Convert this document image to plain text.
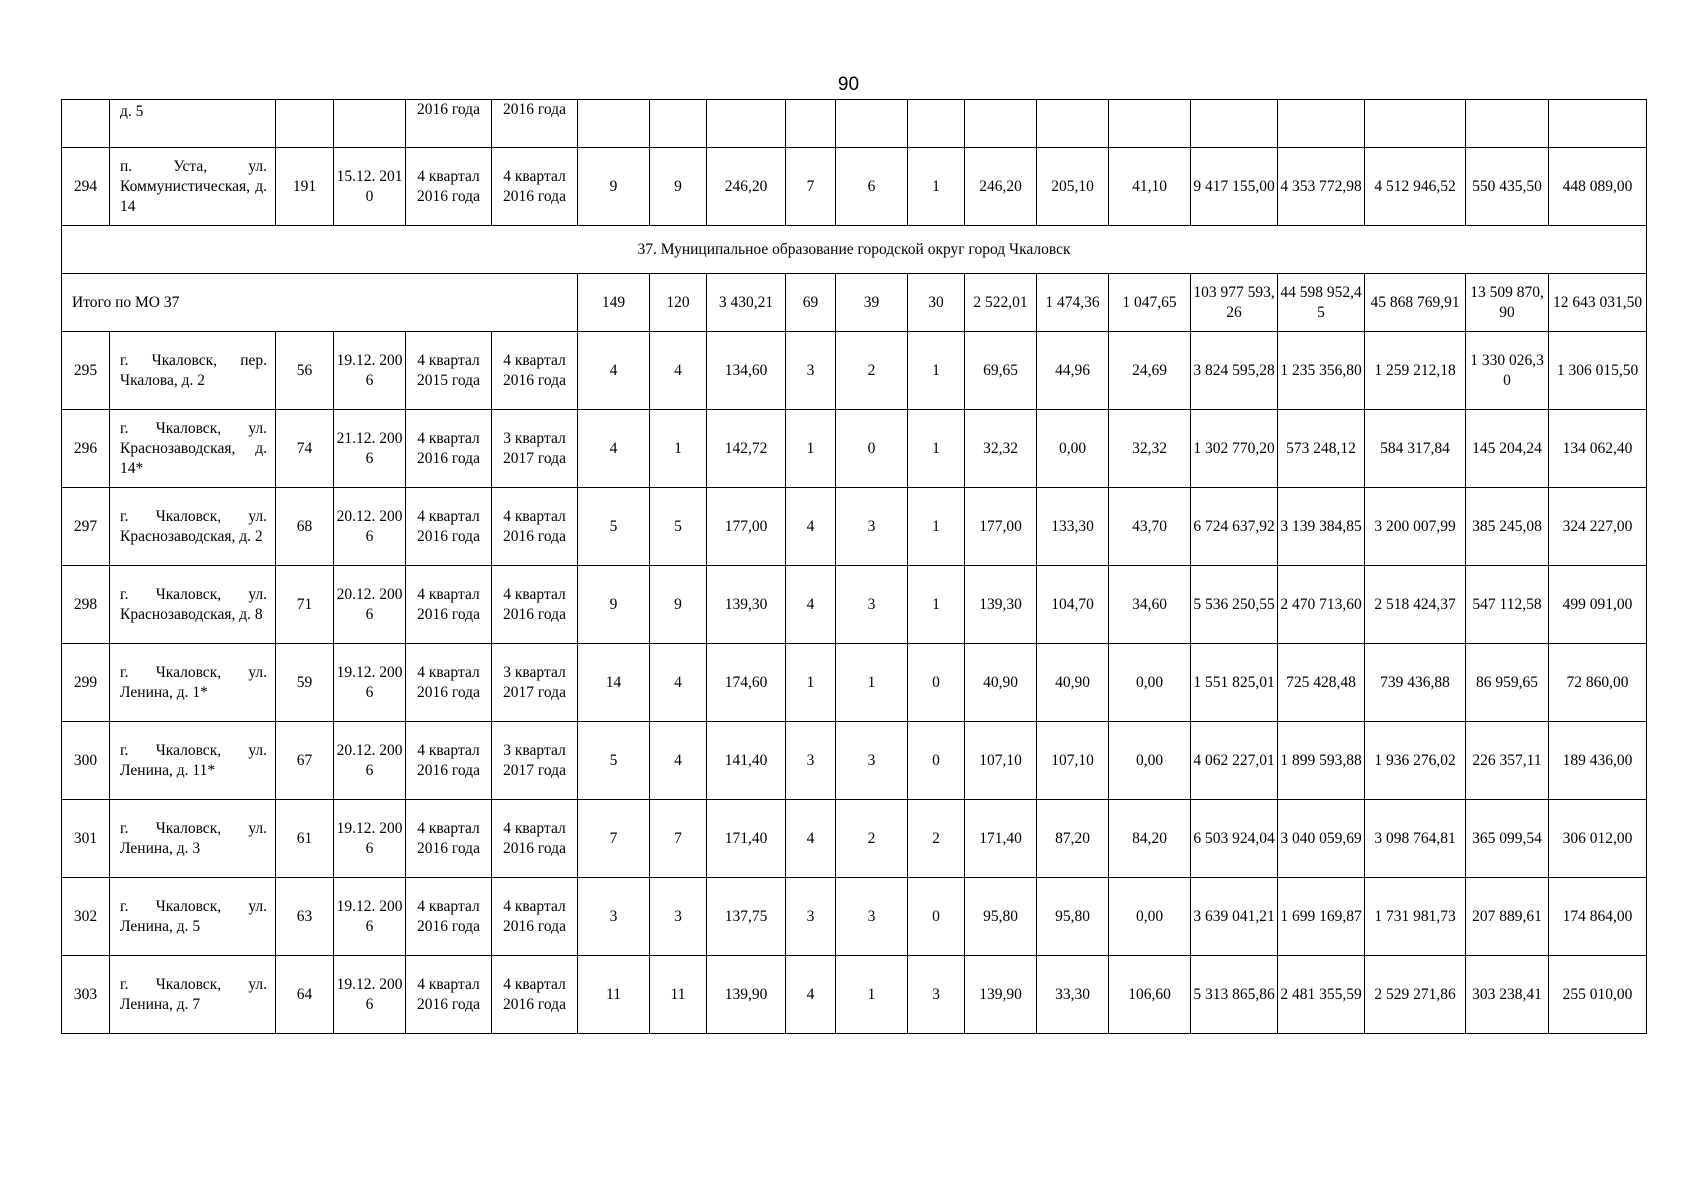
90
	д. 5			2016 года	2016 года														
294	п. Уста, ул. Коммунистическая, д. 14	191	15.12. 2010	4 квартал 2016 года	4 квартал 2016 года	9	9	246,20	7	6	1	246,20	205,10	41,10	9 417 155,00	4 353 772,98	4 512 946,52	550 435,50	448 089,00
37. Муниципальное образование городской округ город Чкаловск																			
Итого по МО 37						149	120	3 430,21	69	39	30	2 522,01	1 474,36	1 047,65	103 977 593,26	44 598 952,45	45 868 769,91	13 509 870,90	12 643 031,50
295	г. Чкаловск, пер. Чкалова, д. 2	56	19.12. 2006	4 квартал 2015 года	4 квартал 2016 года	4	4	134,60	3	2	1	69,65	44,96	24,69	3 824 595,28	1 235 356,80	1 259 212,18	1 330 026,30	1 306 015,50
296	г. Чкаловск, ул. Краснозаводская, д. 14*	74	21.12. 2006	4 квартал 2016 года	3 квартал 2017 года	4	1	142,72	1	0	1	32,32	0,00	32,32	1 302 770,20	573 248,12	584 317,84	145 204,24	134 062,40
297	г. Чкаловск, ул. Краснозаводская, д. 2	68	20.12. 2006	4 квартал 2016 года	4 квартал 2016 года	5	5	177,00	4	3	1	177,00	133,30	43,70	6 724 637,92	3 139 384,85	3 200 007,99	385 245,08	324 227,00
298	г. Чкаловск, ул. Краснозаводская, д. 8	71	20.12. 2006	4 квартал 2016 года	4 квартал 2016 года	9	9	139,30	4	3	1	139,30	104,70	34,60	5 536 250,55	2 470 713,60	2 518 424,37	547 112,58	499 091,00
299	г. Чкаловск, ул. Ленина, д. 1*	59	19.12. 2006	4 квартал 2016 года	3 квартал 2017 года	14	4	174,60	1	1	0	40,90	40,90	0,00	1 551 825,01	725 428,48	739 436,88	86 959,65	72 860,00
300	г. Чкаловск, ул. Ленина, д. 11*	67	20.12. 2006	4 квартал 2016 года	3 квартал 2017 года	5	4	141,40	3	3	0	107,10	107,10	0,00	4 062 227,01	1 899 593,88	1 936 276,02	226 357,11	189 436,00
301	г. Чкаловск, ул. Ленина, д. 3	61	19.12. 2006	4 квартал 2016 года	4 квартал 2016 года	7	7	171,40	4	2	2	171,40	87,20	84,20	6 503 924,04	3 040 059,69	3 098 764,81	365 099,54	306 012,00
302	г. Чкаловск, ул. Ленина, д. 5	63	19.12. 2006	4 квартал 2016 года	4 квартал 2016 года	3	3	137,75	3	3	0	95,80	95,80	0,00	3 639 041,21	1 699 169,87	1 731 981,73	207 889,61	174 864,00
303	г. Чкаловск, ул. Ленина, д. 7	64	19.12. 2006	4 квартал 2016 года	4 квартал 2016 года	11	11	139,90	4	1	3	139,90	33,30	106,60	5 313 865,86	2 481 355,59	2 529 271,86	303 238,41	255 010,00
